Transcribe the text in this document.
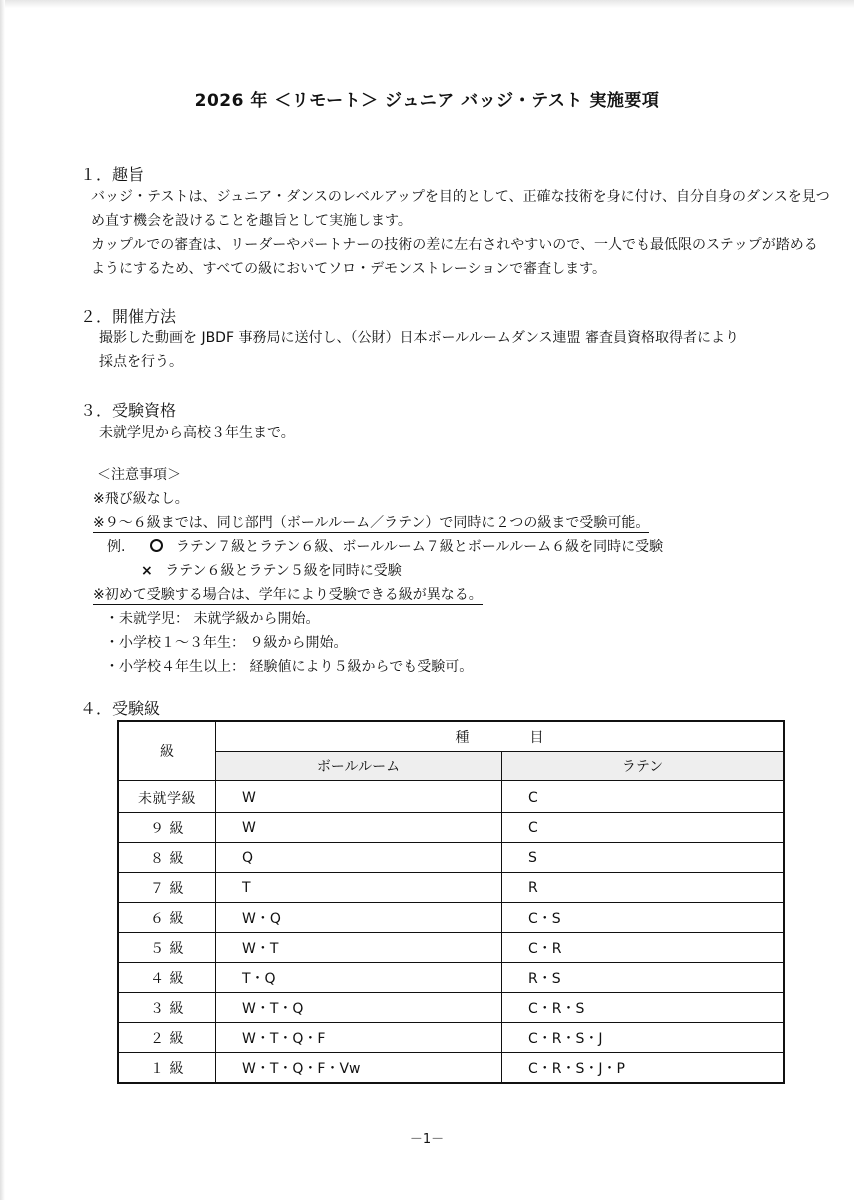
2026 年 ＜リモート＞ ジュニア バッジ・テスト 実施要項
１．趣旨
バッジ・テストは、ジュニア・ダンスのレベルアップを目的として、正確な技術を身に付け、自分自身のダンスを見つ
め直す機会を設けることを趣旨として実施します。
カップルでの審査は、リーダーやパートナーの技術の差に左右されやすいので、一人でも最低限のステップが踏める
ようにするため、すべての級においてソロ・デモンストレーションで審査します。
２．開催方法
撮影した動画を JBDF 事務局に送付し、（公財）日本ボールルームダンス連盟 審査員資格取得者により
採点を行う。
３．受験資格
未就学児から高校３年生まで。
＜注意事項＞
※飛び級なし。
※９～６級までは、同じ部門（ボールルーム／ラテン）で同時に２つの級まで受験可能。
例.	ラテン７級とラテン６級、ボールルーム７級とボールルーム６級を同時に受験
× ラテン６級とラテン５級を同時に受験
※初めて受験する場合は、学年により受験できる級が異なる。
・未就学児： 未就学級から開始。
・小学校１～３年生： ９級から開始。
・小学校４年生以上： 経験値により５級からでも受験可。
４．受験級
級	種目	
	ボールルーム	ラテン
未就学級	W	C
９ 級	W	C
８ 級	Q	S
７ 級	T	R
６ 級	W・Q	C・S
５ 級	W・T	C・R
４ 級	T・Q	R・S
３ 級	W・T・Q	C・R・S
２ 級	W・T・Q・F	C・R・S・J
１ 級	W・T・Q・F・Vw	C・R・S・J・P
－1－
